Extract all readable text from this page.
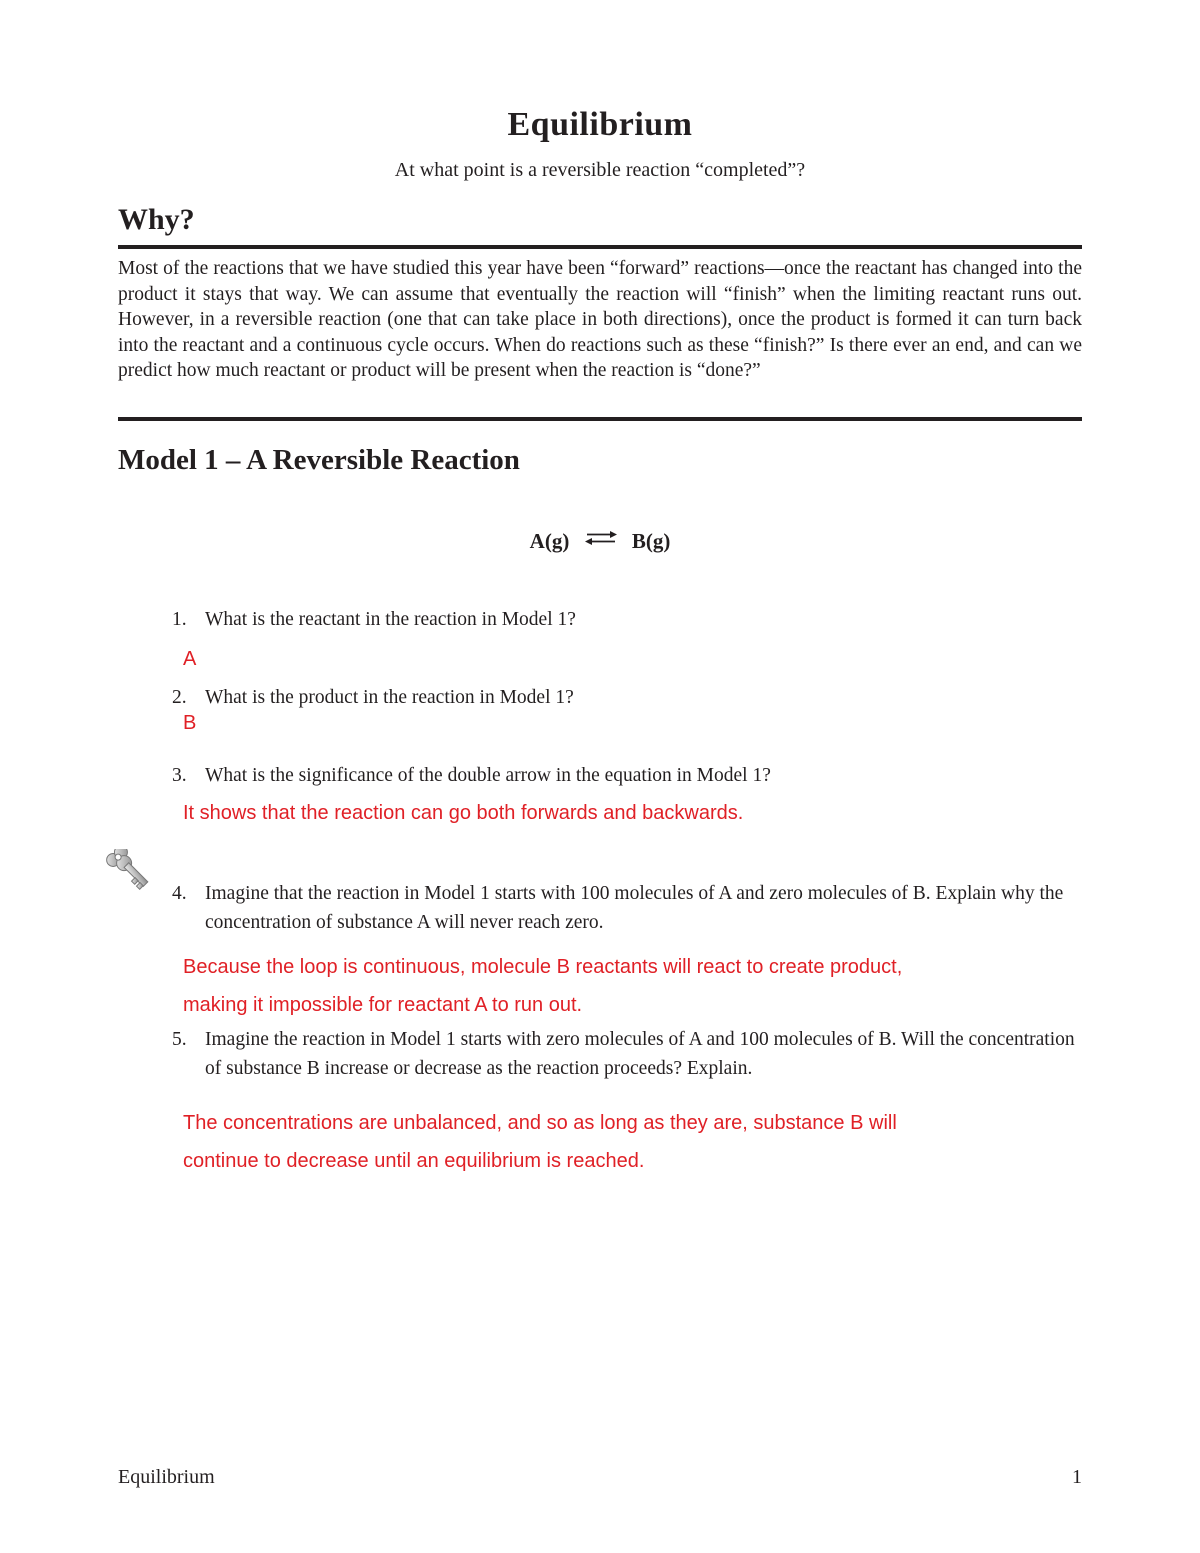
Equilibrium
At what point is a reversible reaction “completed”?
Why?
Most of the reactions that we have studied this year have been “forward” reactions—once the reactant has changed into the product it stays that way. We can assume that eventually the reaction will “finish” when the limiting reactant runs out. However, in a reversible reaction (one that can take place in both directions), once the product is formed it can turn back into the reactant and a continuous cycle occurs. When do reactions such as these “finish?” Is there ever an end, and can we predict how much reactant or product will be present when the reaction is “done?”
Model 1 – A Reversible Reaction
A(g) ⇌ B(g)
1. What is the reactant in the reaction in Model 1?

A
2. What is the product in the reaction in Model 1?

B
3. What is the significance of the double arrow in the equation in Model 1?

It shows that the reaction can go both forwards and backwards.
4. Imagine that the reaction in Model 1 starts with 100 molecules of A and zero molecules of B. Explain why the concentration of substance A will never reach zero.

Because the loop is continuous, molecule B reactants will react to create product,
making it impossible for reactant A to run out.
5. Imagine the reaction in Model 1 starts with zero molecules of A and 100 molecules of B. Will the concentration of substance B increase or decrease as the reaction proceeds? Explain.

The concentrations are unbalanced, and so as long as they are, substance B will
continue to decrease until an equilibrium is reached.
Equilibrium	1
